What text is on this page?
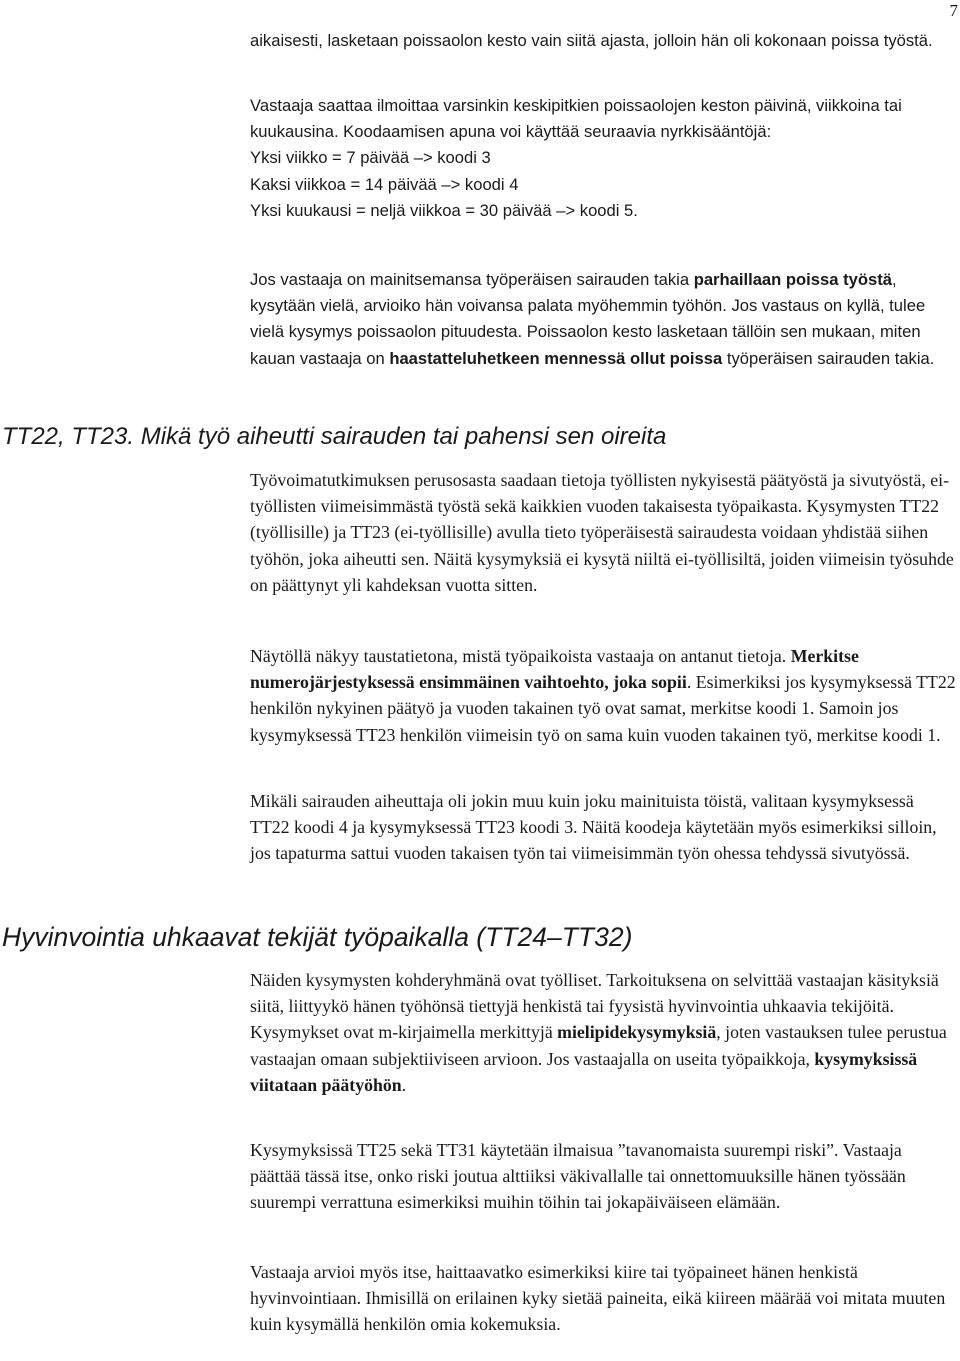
7

aikaisesti, lasketaan poissaolon kesto vain siitä ajasta, jolloin hän oli kokonaan poissa työstä.

Vastaaja saattaa ilmoittaa varsinkin keskipitkien poissaolojen keston päivinä, viikkoina tai kuukausina. Koodaamisen apuna voi käyttää seuraavia nyrkkisääntöjä:

Yksi viikko = 7 päivää –> koodi 3

Kaksi viikkoa = 14 päivää –> koodi 4

Yksi kuukausi = neljä viikkoa = 30 päivää –> koodi 5.

Jos vastaaja on mainitsemansa työperäisen sairauden takia parhaillaan poissa työstä, kysytään vielä, arvioiko hän voivansa palata myöhemmin työhön. Jos vastaus on kyllä, tulee vielä kysymys poissaolon pituudesta. Poissaolon kesto lasketaan tällöin sen mukaan, miten kauan vastaaja on haastatteluhetkeen mennessä ollut poissa työperäisen sairauden takia.

TT22, TT23. Mikä työ aiheutti sairauden tai pahensi sen oireita

Työvoimatutkimuksen perusosasta saadaan tietoja työllisten nykyisestä päätyöstä ja sivutyöstä, ei-työllisten viimeisimmästä työstä sekä kaikkien vuoden takaisesta työpaikasta. Kysymysten TT22 (työllisille) ja TT23 (ei-työllisille) avulla tieto työperäisestä sairaudesta voidaan yhdistää siihen työhön, joka aiheutti sen. Näitä kysymyksiä ei kysytä niiltä ei-työllisiltä, joiden viimeisin työsuhde on päättynyt yli kahdeksan vuotta sitten.

Näytöllä näkyy taustatietona, mistä työpaikoista vastaaja on antanut tietoja. Merkitse numerojärjestyksessä ensimmäinen vaihtoehto, joka sopii. Esimerkiksi jos kysymyksessä TT22 henkilön nykyinen päätyö ja vuoden takainen työ ovat samat, merkitse koodi 1. Samoin jos kysymyksessä TT23 henkilön viimeisin työ on sama kuin vuoden takainen työ, merkitse koodi 1.

Mikäli sairauden aiheuttaja oli jokin muu kuin joku mainituista töistä, valitaan kysymyksessä TT22 koodi 4 ja kysymyksessä TT23 koodi 3. Näitä koodeja käytetään myös esimerkiksi silloin, jos tapaturma sattui vuoden takaisen työn tai viimeisimmän työn ohessa tehdyssä sivutyössä.

Hyvinvointia uhkaavat tekijät työpaikalla (TT24–TT32)

Näiden kysymysten kohderyhmänä ovat työlliset. Tarkoituksena on selvittää vastaajan käsityksiä siitä, liittyykö hänen työhönsä tiettyjä henkistä tai fyysistä hyvinvointia uhkaavia tekijöitä. Kysymykset ovat m-kirjaimella merkittyjä mielipidekysymyksiä, joten vastauksen tulee perustua vastaajan omaan subjektiiviseen arvioon. Jos vastaajalla on useita työpaikkoja, kysymyksissä viitataan päätyöhön.

Kysymyksissä TT25 sekä TT31 käytetään ilmaisua ”tavanomaista suurempi riski”. Vastaaja päättää tässä itse, onko riski joutua alttiiksi väkivallalle tai onnettomuuksille hänen työssään suurempi verrattuna esimerkiksi muihin töihin tai jokapäiväiseen elämään.

Vastaaja arvioi myös itse, haittaavatko esimerkiksi kiire tai työpaineet hänen henkistä hyvinvointiaan. Ihmisillä on erilainen kyky sietää paineita, eikä kiireen määrää voi mitata muuten kuin kysymällä henkilön omia kokemuksia.
